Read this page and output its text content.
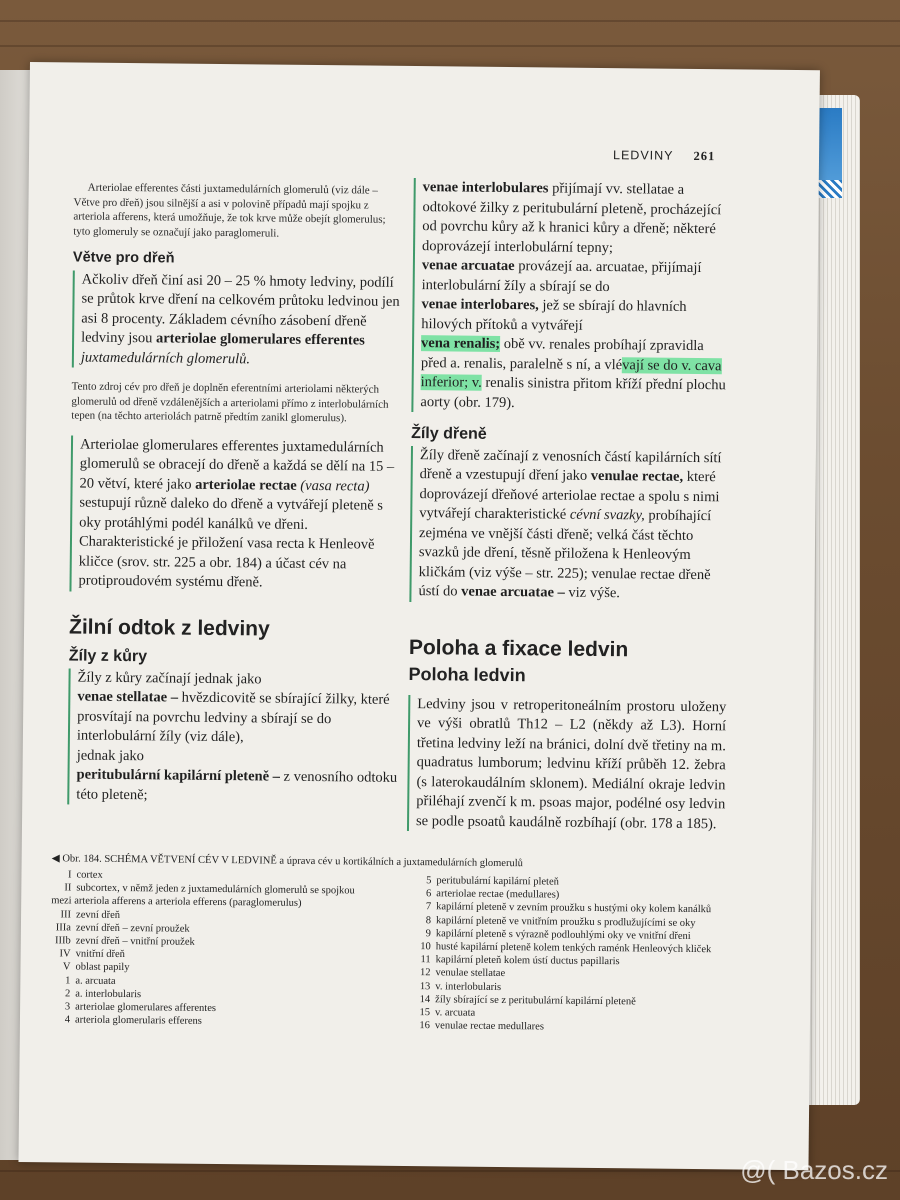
LEDVINY 261

Arteriolae efferentes části juxtamedulárních glomerulů (viz dále – Větve pro dřeň) jsou silnější a asi v polovině případů mají spojku z arteriola afferens, která umožňuje, že tok krve může obejít glomerulus; tyto glomeruly se označují jako paraglomeruli.

Větve pro dřeň
Ačkoliv dřeň činí asi 20 – 25 % hmoty ledviny, podílí se průtok krve dření na celkovém průtoku ledvinou jen asi 8 procenty. Základem cévního zásobení dřeně ledviny jsou arteriolae glomerulares efferentes juxtamedulárních glomerulů.

Tento zdroj cév pro dřeň je doplněn eferentními arteriolami některých glomerulů od dřeně vzdálenějších a arteriolami přímo z interlobulárních tepen (na těchto arteriolách patrně předtím zanikl glomerulus).

Arteriolae glomerulares efferentes juxtamedulárních glomerulů se obracejí do dřeně a každá se dělí na 15 – 20 větví, které jako arteriolae rectae (vasa recta) sestupují různě daleko do dřeně a vytvářejí pleteně s oky protáhlými podél kanálků ve dřeni. Charakteristické je přiložení vasa recta k Henleově kličce (srov. str. 225 a obr. 184) a účast cév na protiproudovém systému dřeně.
Žilní odtok z ledviny
Žíly z kůry
Žíly z kůry začínají jednak jako
venae stellatae – hvězdicovitě se sbírající žilky, které prosvítají na povrchu ledviny a sbírají se do interlobulární žíly (viz dále),
jednak jako
peritubulární kapilární pleteně – z venosního odtoku této pleteně;
venae interlobulares přijímají vv. stellatae a odtokové žilky z peritubulární pleteně, procházející od povrchu kůry až k hranici kůry a dřeně; některé doprovázejí interlobulární tepny;
venae arcuatae provázejí aa. arcuatae, přijímají interlobulární žíly a sbírají se do
venae interlobares, jež se sbírají do hlavních hilových přítoků a vytvářejí
vena renalis; obě vv. renales probíhají zpravidla před a. renalis, paralelně s ní, a vlévají se do v. cava inferior; v. renalis sinistra přitom kříží přední plochu aorty (obr. 179).
Žíly dřeně
Žíly dřeně začínají z venosních částí kapilárních sítí dřeně a vzestupují dření jako venulae rectae, které doprovázejí dřeňové arteriolae rectae a spolu s nimi vytvářejí charakteristické cévní svazky, probíhající zejména ve vnější části dřeně; velká část těchto svazků jde dření, těsně přiložena k Henleovým kličkám (viz výše – str. 225); venulae rectae dřeně ústí do venae arcuatae – viz výše.
Poloha a fixace ledvin
Poloha ledvin
Ledviny jsou v retroperitoneálním prostoru uloženy ve výši obratlů Th12 – L2 (někdy až L3). Horní třetina ledviny leží na bránici, dolní dvě třetiny na m. quadratus lumborum; ledvinu kříží průběh 12. žebra (s laterokaudálním sklonem). Mediální okraje ledvin přiléhají zvenčí k m. psoas major, podélné osy ledvin se podle psoatů kaudálně rozbíhají (obr. 178 a 185).
◀ Obr. 184. SCHÉMA VĚTVENÍ CÉV V LEDVINĚ a úprava cév u kortikálních a juxtamedulárních glomerulů
I cortex
II subcortex, v němž jeden z juxtamedulárních glomerulů se spojkou mezi arteriola afferens a arteriola efferens (paraglomerulus)
III zevní dřeň
IIIa zevní dřeň – zevní proužek
IIIb zevní dřeň – vnitřní proužek
IV vnitřní dřeň
V oblast papily
1 a. arcuata
2 a. interlobularis
3 arteriolae glomerulares afferentes
4 arteriola glomerularis efferens
5 peritubulární kapilární pleteň
6 arteriolae rectae (medullares)
7 kapilární pleteně v zevním proužku s hustými oky kolem kanálků
8 kapilární pleteně ve vnitřním proužku s prodlužujícími se oky
9 kapilární pleteně s výrazně podlouhlými oky ve vnitřní dřeni
10 husté kapilární pleteně kolem tenkých raménk Henleových kliček
11 kapilární pleteň kolem ústí ductus papillaris
12 venulae stellatae
13 v. interlobularis
14 žíly sbírající se z peritubulární kapilární pleteně
15 v. arcuata
16 venulae rectae medullares
@( Bazos.cz
